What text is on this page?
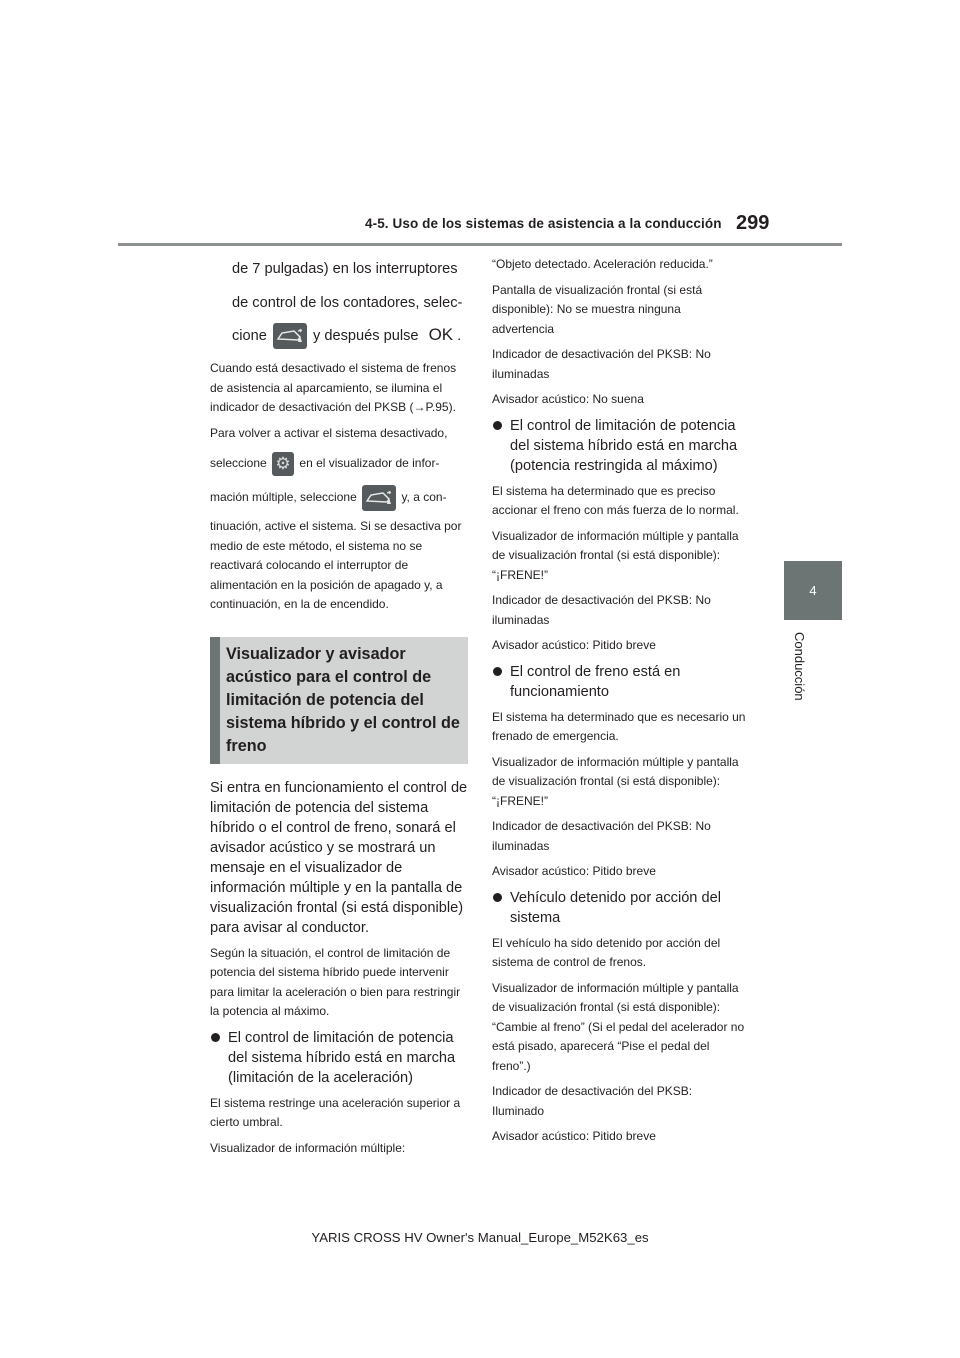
4-5. Uso de los sistemas de asistencia a la conducción 299
4
Conducción
de 7 pulgadas) en los interruptores
de control de los contadores, selec-
cione	y después pulse OK .
Cuando está desactivado el sistema de frenos de asistencia al aparcamiento, se ilumina el indicador de desactivación del PKSB (→P.95).
Para volver a activar el sistema desactivado,
seleccione ⚙ en el visualizador de infor-
mación múltiple, seleccione	y, a con-
tinuación, active el sistema. Si se desactiva por medio de este método, el sistema no se reactivará colocando el interruptor de alimentación en la posición de apagado y, a continuación, en la de encendido.
Visualizador y avisador acústico para el control de limitación de potencia del sistema híbrido y el control de freno
Si entra en funcionamiento el control de limitación de potencia del sistema híbrido o el control de freno, sonará el avisador acústico y se mostrará un mensaje en el visualizador de información múltiple y en la pantalla de visualización frontal (si está disponible) para avisar al conductor.
Según la situación, el control de limitación de potencia del sistema híbrido puede intervenir para limitar la aceleración o bien para restringir la potencia al máximo.
El control de limitación de potencia del sistema híbrido está en marcha (limitación de la aceleración)
El sistema restringe una aceleración superior a cierto umbral.
Visualizador de información múltiple:
“Objeto detectado. Aceleración reducida.”
Pantalla de visualización frontal (si está disponible): No se muestra ninguna advertencia
Indicador de desactivación del PKSB: No iluminadas
Avisador acústico: No suena
El control de limitación de potencia del sistema híbrido está en marcha (potencia restringida al máximo)
El sistema ha determinado que es preciso accionar el freno con más fuerza de lo normal.
Visualizador de información múltiple y pantalla de visualización frontal (si está disponible): “¡FRENE!”
Indicador de desactivación del PKSB: No iluminadas
Avisador acústico: Pitido breve
El control de freno está en funcionamiento
El sistema ha determinado que es necesario un frenado de emergencia.
Visualizador de información múltiple y pantalla de visualización frontal (si está disponible): “¡FRENE!”
Indicador de desactivación del PKSB: No iluminadas
Avisador acústico: Pitido breve
Vehículo detenido por acción del sistema
El vehículo ha sido detenido por acción del sistema de control de frenos.
Visualizador de información múltiple y pantalla de visualización frontal (si está disponible): “Cambie al freno” (Si el pedal del acelerador no está pisado, aparecerá “Pise el pedal del freno”.)
Indicador de desactivación del PKSB: Iluminado
Avisador acústico: Pitido breve
YARIS CROSS HV Owner's Manual_Europe_M52K63_es
